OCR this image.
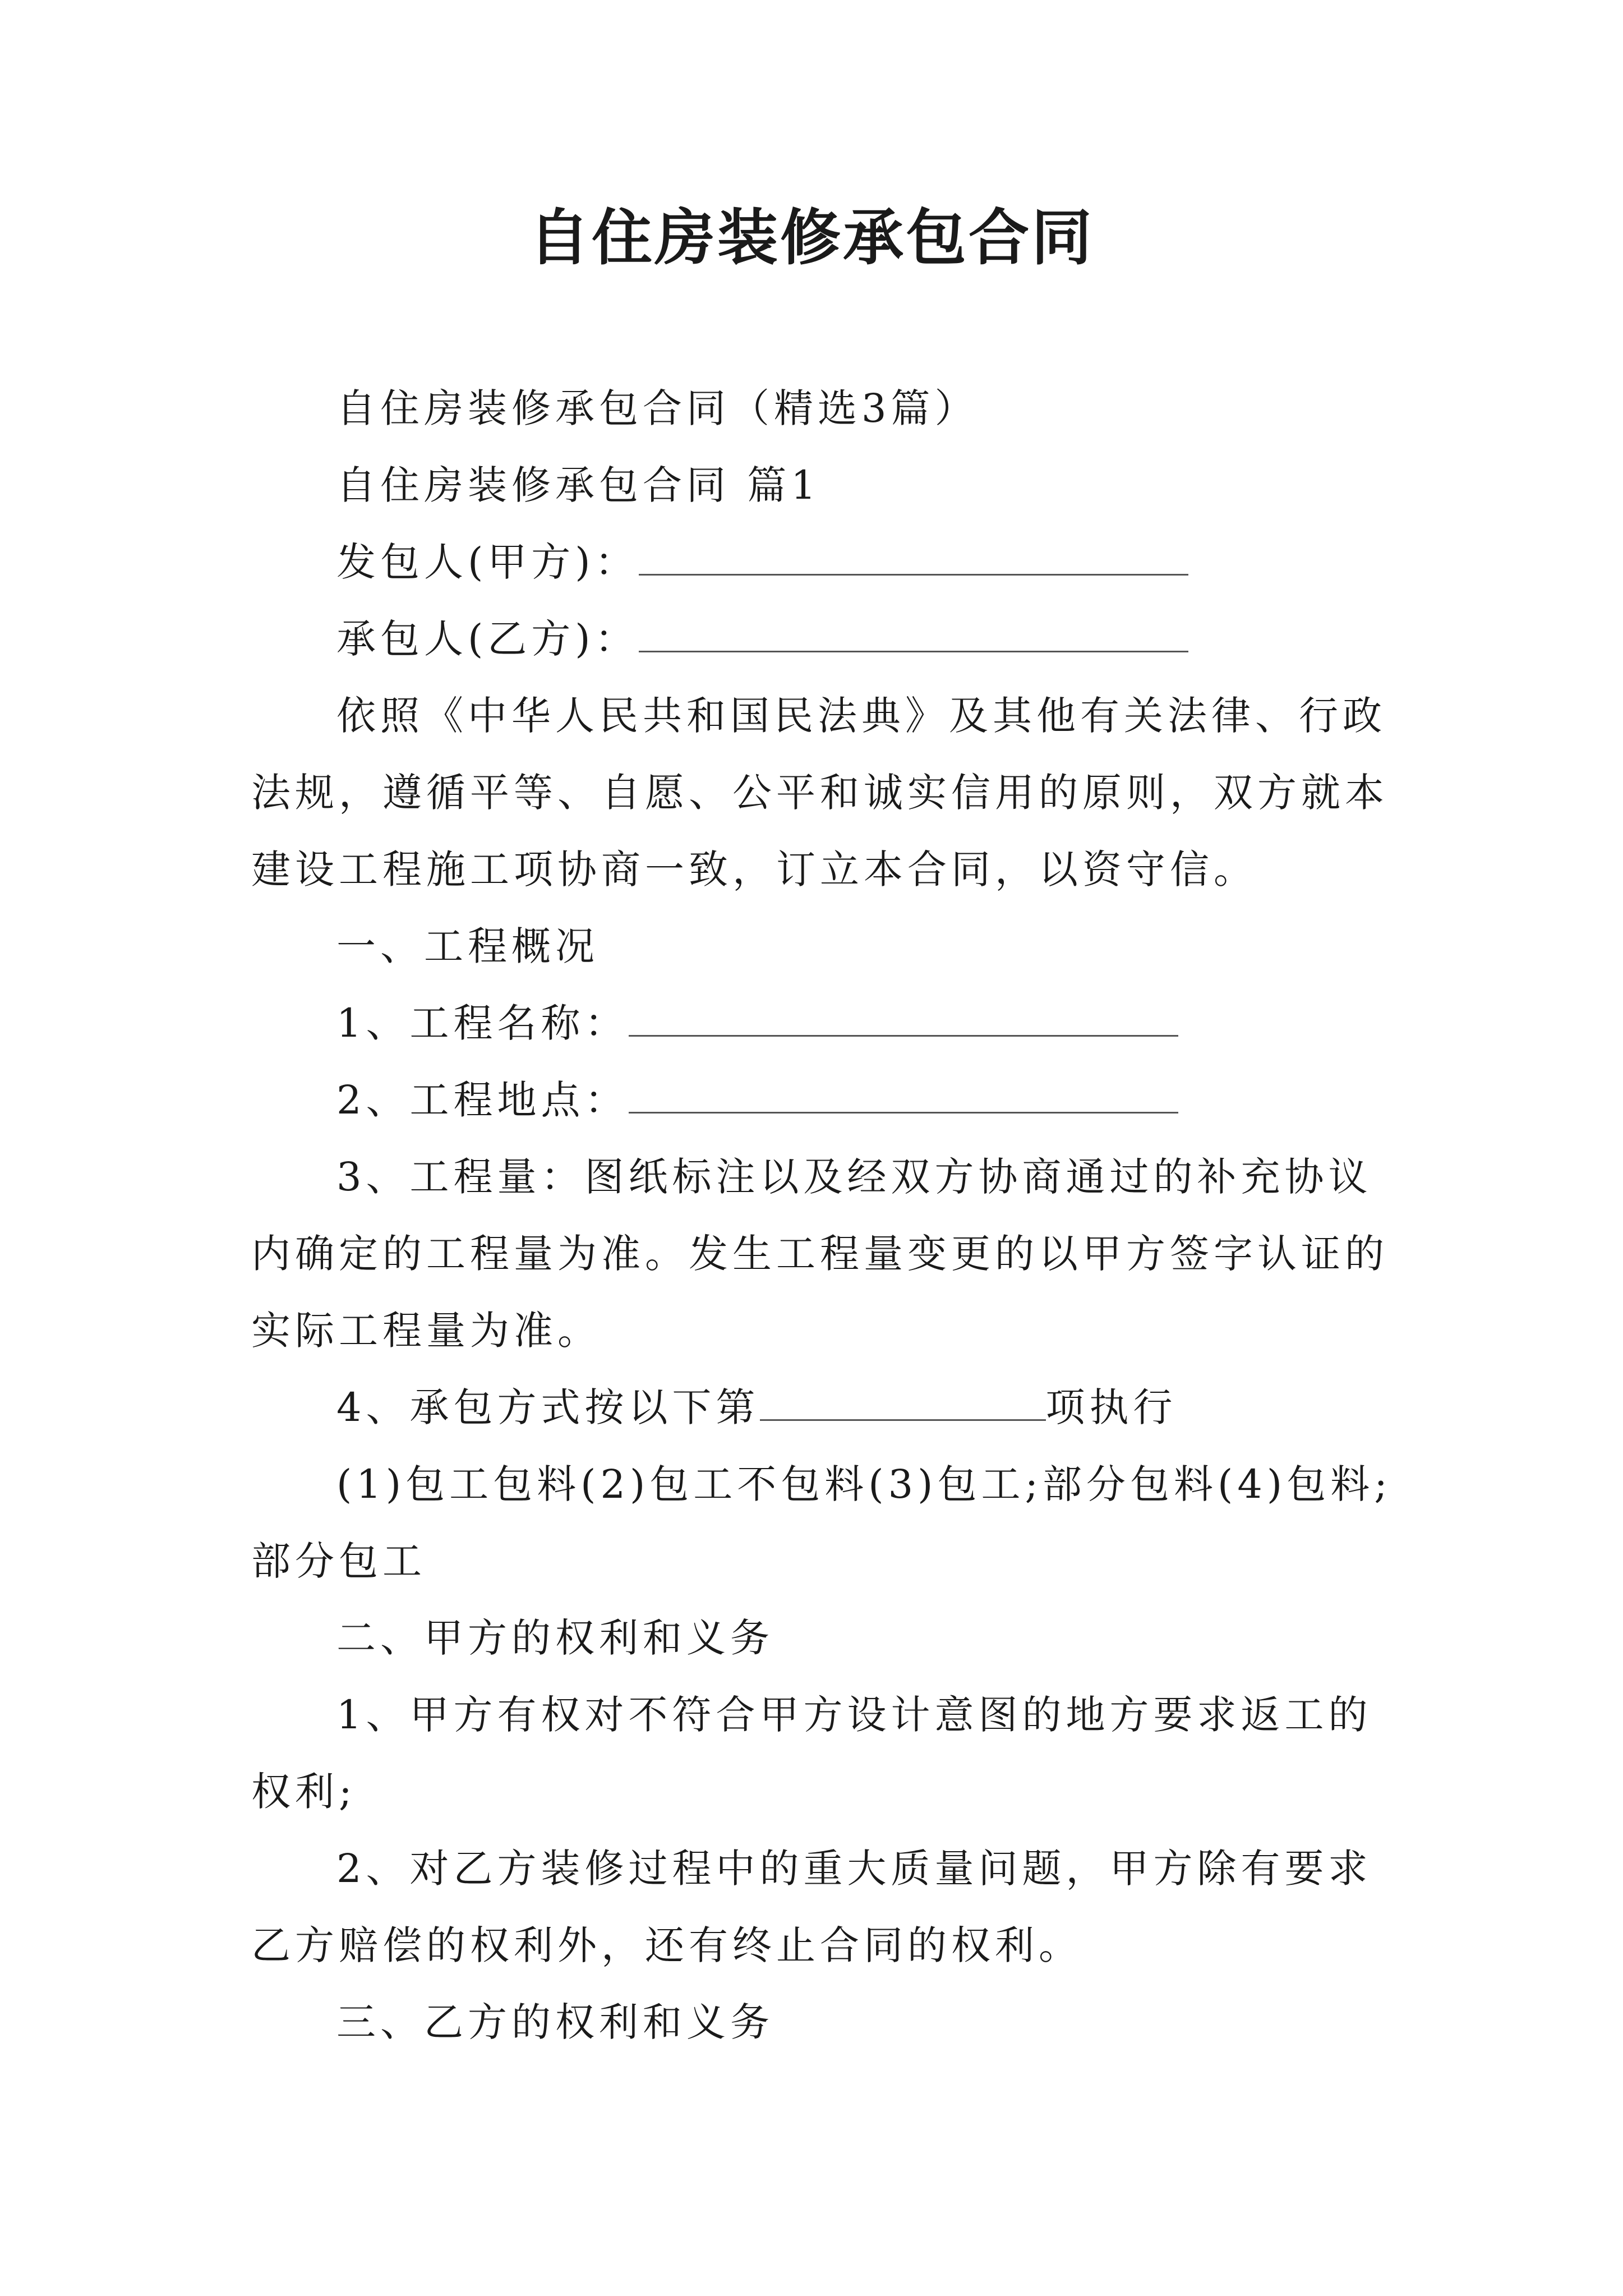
自住房装修承包合同
自住房装修承包合同（精选3篇）
自住房装修承包合同 篇1
发包人(甲方)：
承包人(乙方)：
依照《中华人民共和国民法典》及其他有关法律、行政
法规，遵循平等、自愿、公平和诚实信用的原则，双方就本
建设工程施工项协商一致，订立本合同，以资守信。
一、工程概况
1、工程名称：
2、工程地点：
3、工程量：图纸标注以及经双方协商通过的补充协议
内确定的工程量为准。发生工程量变更的以甲方签字认证的
实际工程量为准。
4、承包方式按以下第	项执行
(1)包工包料(2)包工不包料(3)包工;部分包料(4)包料;
部分包工
二、甲方的权利和义务
1、甲方有权对不符合甲方设计意图的地方要求返工的
权利;
2、对乙方装修过程中的重大质量问题，甲方除有要求
乙方赔偿的权利外，还有终止合同的权利。
三、乙方的权利和义务
